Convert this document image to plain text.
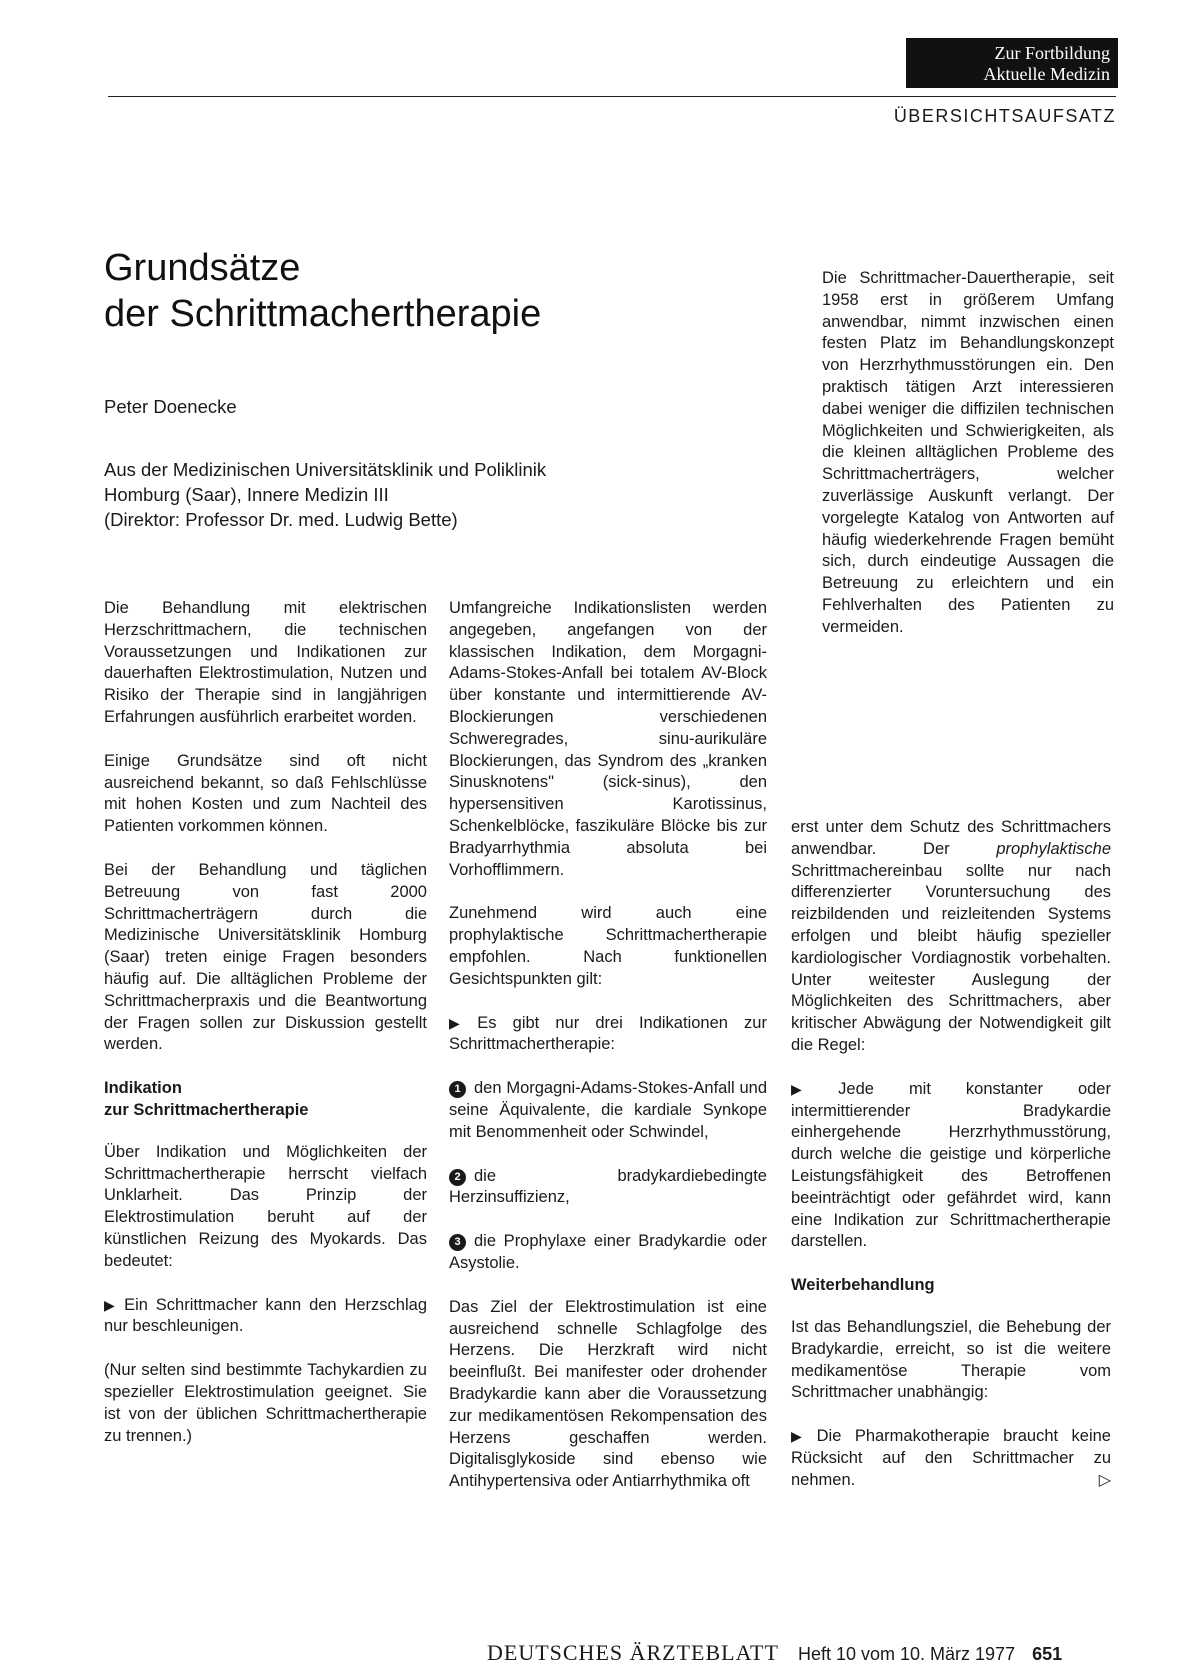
Zur Fortbildung
Aktuelle Medizin
ÜBERSICHTSAUFSATZ
Grundsätze
der Schrittmachertherapie
Peter Doenecke
Aus der Medizinischen Universitätsklinik und Poliklinik
Homburg (Saar), Innere Medizin III
(Direktor: Professor Dr. med. Ludwig Bette)

Die Schrittmacher-Dauertherapie, seit 1958 erst in größerem Umfang anwendbar, nimmt inzwischen einen festen Platz im Behandlungskonzept von Herzrhythmusstörungen ein. Den praktisch tätigen Arzt interessieren dabei weniger die diffizilen technischen Möglichkeiten und Schwierigkeiten, als die kleinen alltäglichen Probleme des Schrittmacherträgers, welcher zuverlässige Auskunft verlangt. Der vorgelegte Katalog von Antworten auf häufig wiederkehrende Fragen bemüht sich, durch eindeutige Aussagen die Betreuung zu erleichtern und ein Fehlverhalten des Patienten zu vermeiden.

Die Behandlung mit elektrischen Herzschrittmachern, die technischen Voraussetzungen und Indikationen zur dauerhaften Elektrostimulation, Nutzen und Risiko der Therapie sind in langjährigen Erfahrungen ausführlich erarbeitet worden.

Einige Grundsätze sind oft nicht ausreichend bekannt, so daß Fehlschlüsse mit hohen Kosten und zum Nachteil des Patienten vorkommen können.

Bei der Behandlung und täglichen Betreuung von fast 2000 Schrittmacherträgern durch die Medizinische Universitätsklinik Homburg (Saar) treten einige Fragen besonders häufig auf. Die alltäglichen Probleme der Schrittmacherpraxis und die Beantwortung der Fragen sollen zur Diskussion gestellt werden.

Indikation
zur Schrittmachertherapie

Über Indikation und Möglichkeiten der Schrittmachertherapie herrscht vielfach Unklarheit. Das Prinzip der Elektrostimulation beruht auf der künstlichen Reizung des Myokards. Das bedeutet:

▶ Ein Schrittmacher kann den Herzschlag nur beschleunigen.

(Nur selten sind bestimmte Tachykardien zu spezieller Elektrostimulation geeignet. Sie ist von der üblichen Schrittmachertherapie zu trennen.)

Umfangreiche Indikationslisten werden angegeben, angefangen von der klassischen Indikation, dem Morgagni-Adams-Stokes-Anfall bei totalem AV-Block über konstante und intermittierende AV-Blockierungen verschiedenen Schweregrades, sinu-aurikuläre Blockierungen, das Syndrom des „kranken Sinusknotens" (sick-sinus), den hypersensitiven Karotissinus, Schenkelblöcke, faszikuläre Blöcke bis zur Bradyarrhythmia absoluta bei Vorhofflimmern.

Zunehmend wird auch eine prophylaktische Schrittmachertherapie empfohlen. Nach funktionellen Gesichtspunkten gilt:

▶ Es gibt nur drei Indikationen zur Schrittmachertherapie:

1 den Morgagni-Adams-Stokes-Anfall und seine Äquivalente, die kardiale Synkope mit Benommenheit oder Schwindel,

2 die bradykardiebedingte Herzinsuffizienz,

3 die Prophylaxe einer Bradykardie oder Asystolie.

Das Ziel der Elektrostimulation ist eine ausreichend schnelle Schlagfolge des Herzens. Die Herzkraft wird nicht beeinflußt. Bei manifester oder drohender Bradykardie kann aber die Voraussetzung zur medikamentösen Rekompensation des Herzens geschaffen werden. Digitalisglykoside sind ebenso wie Antihypertensiva oder Antiarrhythmika oft

erst unter dem Schutz des Schrittmachers anwendbar. Der prophylaktische Schrittmachereinbau sollte nur nach differenzierter Voruntersuchung des reizbildenden und reizleitenden Systems erfolgen und bleibt häufig spezieller kardiologischer Vordiagnostik vorbehalten. Unter weitester Auslegung der Möglichkeiten des Schrittmachers, aber kritischer Abwägung der Notwendigkeit gilt die Regel:

▶ Jede mit konstanter oder intermittierender Bradykardie einhergehende Herzrhythmusstörung, durch welche die geistige und körperliche Leistungsfähigkeit des Betroffenen beeinträchtigt oder gefährdet wird, kann eine Indikation zur Schrittmachertherapie darstellen.

Weiterbehandlung

Ist das Behandlungsziel, die Behebung der Bradykardie, erreicht, so ist die weitere medikamentöse Therapie vom Schrittmacher unabhängig:

▶ Die Pharmakotherapie braucht keine Rücksicht auf den Schrittmacher zu nehmen.	▷

DEUTSCHES ÄRZTEBLATT Heft 10 vom 10. März 1977 651
